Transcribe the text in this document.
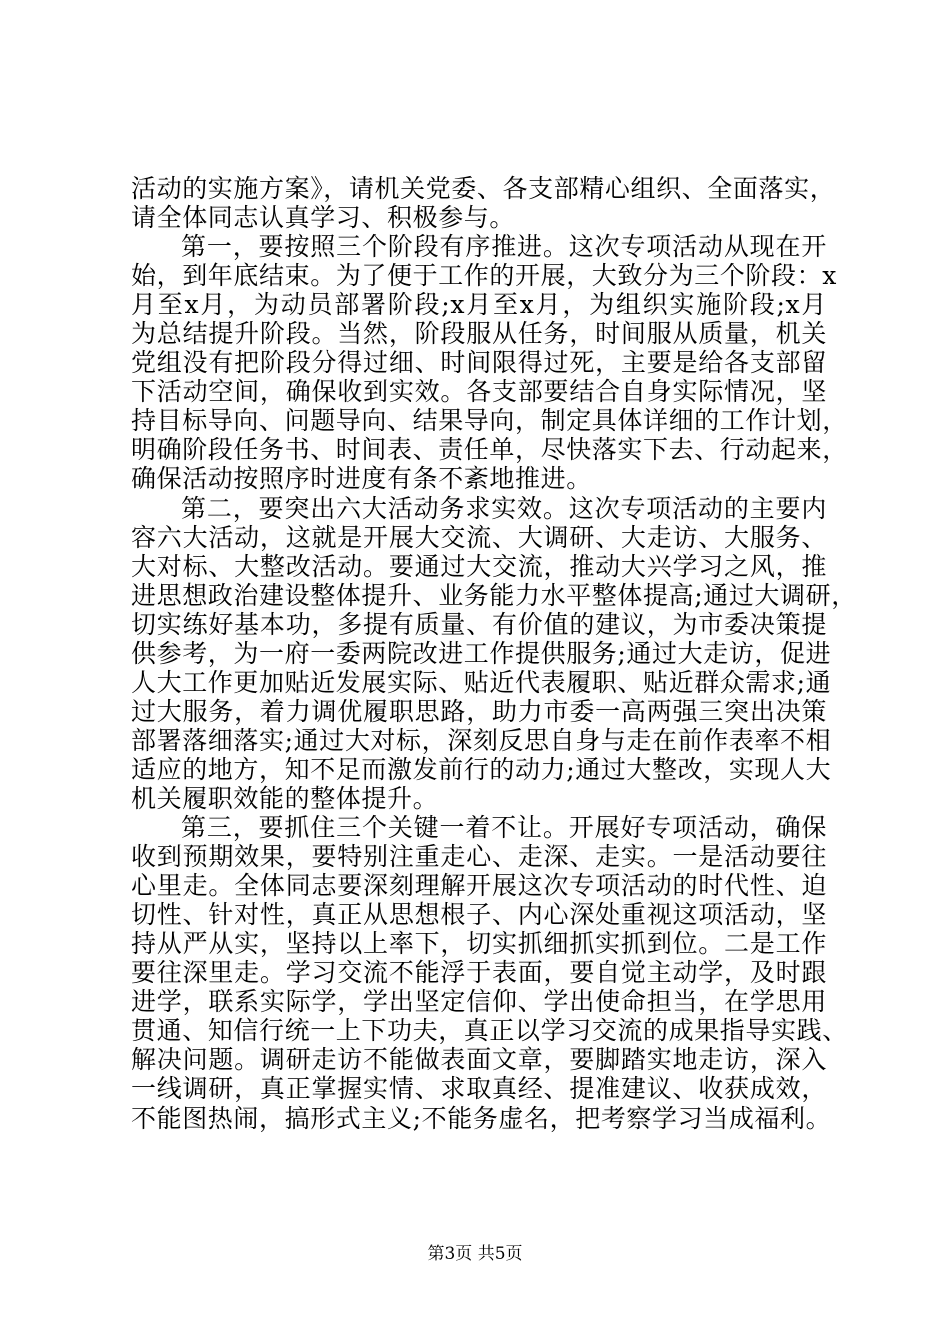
活动的实施方案》，请机关党委、各支部精心组织、全面落实，
请全体同志认真学习、积极参与。
第一，要按照三个阶段有序推进。这次专项活动从现在开
始，到年底结束。为了便于工作的开展，大致分为三个阶段：x
月至x月，为动员部署阶段;x月至x月，为组织实施阶段;x月
为总结提升阶段。当然，阶段服从任务，时间服从质量，机关
党组没有把阶段分得过细、时间限得过死，主要是给各支部留
下活动空间，确保收到实效。各支部要结合自身实际情况，坚
持目标导向、问题导向、结果导向，制定具体详细的工作计划，
明确阶段任务书、时间表、责任单，尽快落实下去、行动起来，
确保活动按照序时进度有条不紊地推进。
第二，要突出六大活动务求实效。这次专项活动的主要内
容六大活动，这就是开展大交流、大调研、大走访、大服务、
大对标、大整改活动。要通过大交流，推动大兴学习之风，推
进思想政治建设整体提升、业务能力水平整体提高;通过大调研，
切实练好基本功，多提有质量、有价值的建议，为市委决策提
供参考，为一府一委两院改进工作提供服务;通过大走访，促进
人大工作更加贴近发展实际、贴近代表履职、贴近群众需求;通
过大服务，着力调优履职思路，助力市委一高两强三突出决策
部署落细落实;通过大对标，深刻反思自身与走在前作表率不相
适应的地方，知不足而激发前行的动力;通过大整改，实现人大
机关履职效能的整体提升。
第三，要抓住三个关键一着不让。开展好专项活动，确保
收到预期效果，要特别注重走心、走深、走实。一是活动要往
心里走。全体同志要深刻理解开展这次专项活动的时代性、迫
切性、针对性，真正从思想根子、内心深处重视这项活动，坚
持从严从实，坚持以上率下，切实抓细抓实抓到位。二是工作
要往深里走。学习交流不能浮于表面，要自觉主动学，及时跟
进学，联系实际学，学出坚定信仰、学出使命担当，在学思用
贯通、知信行统一上下功夫，真正以学习交流的成果指导实践、
解决问题。调研走访不能做表面文章，要脚踏实地走访，深入
一线调研，真正掌握实情、求取真经、提准建议、收获成效，
不能图热闹，搞形式主义;不能务虚名，把考察学习当成福利。
第3页 共5页
